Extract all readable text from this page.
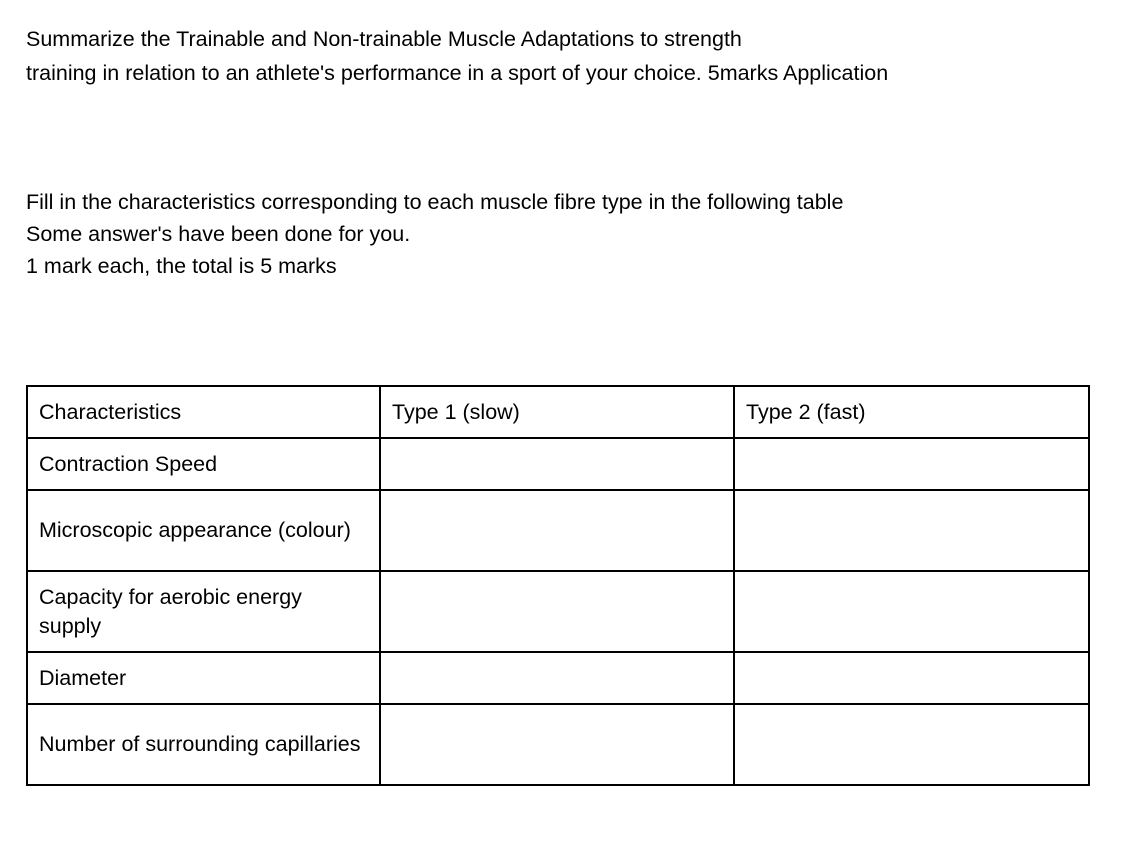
Summarize the Trainable and Non-trainable Muscle Adaptations to strength
training in relation to an athlete's performance in a sport of your choice. 5marks Application
Fill in the characteristics corresponding to each muscle fibre type in the following table
Some answer's have been done for you.
1 mark each, the total is 5 marks
Characteristics	Type 1 (slow)	Type 2 (fast)
Contraction Speed		
Microscopic appearance (colour)		
Capacity for aerobic energy supply		
Diameter		
Number of surrounding capillaries		
